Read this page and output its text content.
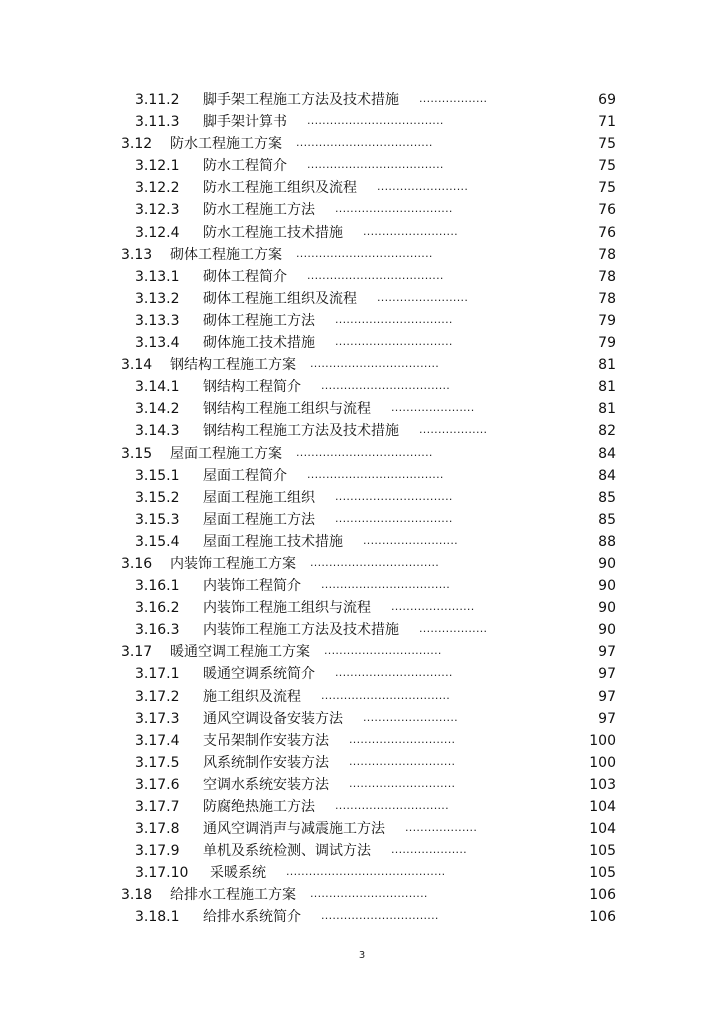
3.11.2 脚手架工程施工方法及技术措施 ..................	69
3.11.3 脚手架计算书 ....................................	71
3.12 防水工程施工方案 ....................................	75
3.12.1 防水工程简介 ....................................	75
3.12.2 防水工程施工组织及流程 ........................	75
3.12.3 防水工程施工方法 ...............................	76
3.12.4 防水工程施工技术措施 .........................	76
3.13 砌体工程施工方案 ....................................	78
3.13.1 砌体工程简介 ....................................	78
3.13.2 砌体工程施工组织及流程 ........................	78
3.13.3 砌体工程施工方法 ...............................	79
3.13.4 砌体施工技术措施 ...............................	79
3.14 钢结构工程施工方案 ..................................	81
3.14.1 钢结构工程简介 ..................................	81
3.14.2 钢结构工程施工组织与流程 ......................	81
3.14.3 钢结构工程施工方法及技术措施 ..................	82
3.15 屋面工程施工方案 ....................................	84
3.15.1 屋面工程简介 ....................................	84
3.15.2 屋面工程施工组织 ...............................	85
3.15.3 屋面工程施工方法 ...............................	85
3.15.4 屋面工程施工技术措施 .........................	88
3.16 内装饰工程施工方案 ..................................	90
3.16.1 内装饰工程简介 ..................................	90
3.16.2 内装饰工程施工组织与流程 ......................	90
3.16.3 内装饰工程施工方法及技术措施 ..................	90
3.17 暖通空调工程施工方案 ...............................	97
3.17.1 暖通空调系统简介 ...............................	97
3.17.2 施工组织及流程 ..................................	97
3.17.3 通风空调设备安装方法 .........................	97
3.17.4 支吊架制作安装方法 ............................	100
3.17.5 风系统制作安装方法 ............................	100
3.17.6 空调水系统安装方法 ............................	103
3.17.7 防腐绝热施工方法 ..............................	104
3.17.8 通风空调消声与减震施工方法 ...................	104
3.17.9 单机及系统检测、调试方法 ....................	105
3.17.10 采暖系统 ..........................................	105
3.18 给排水工程施工方案 ...............................	106
3.18.1 给排水系统简介 ...............................	106
3
